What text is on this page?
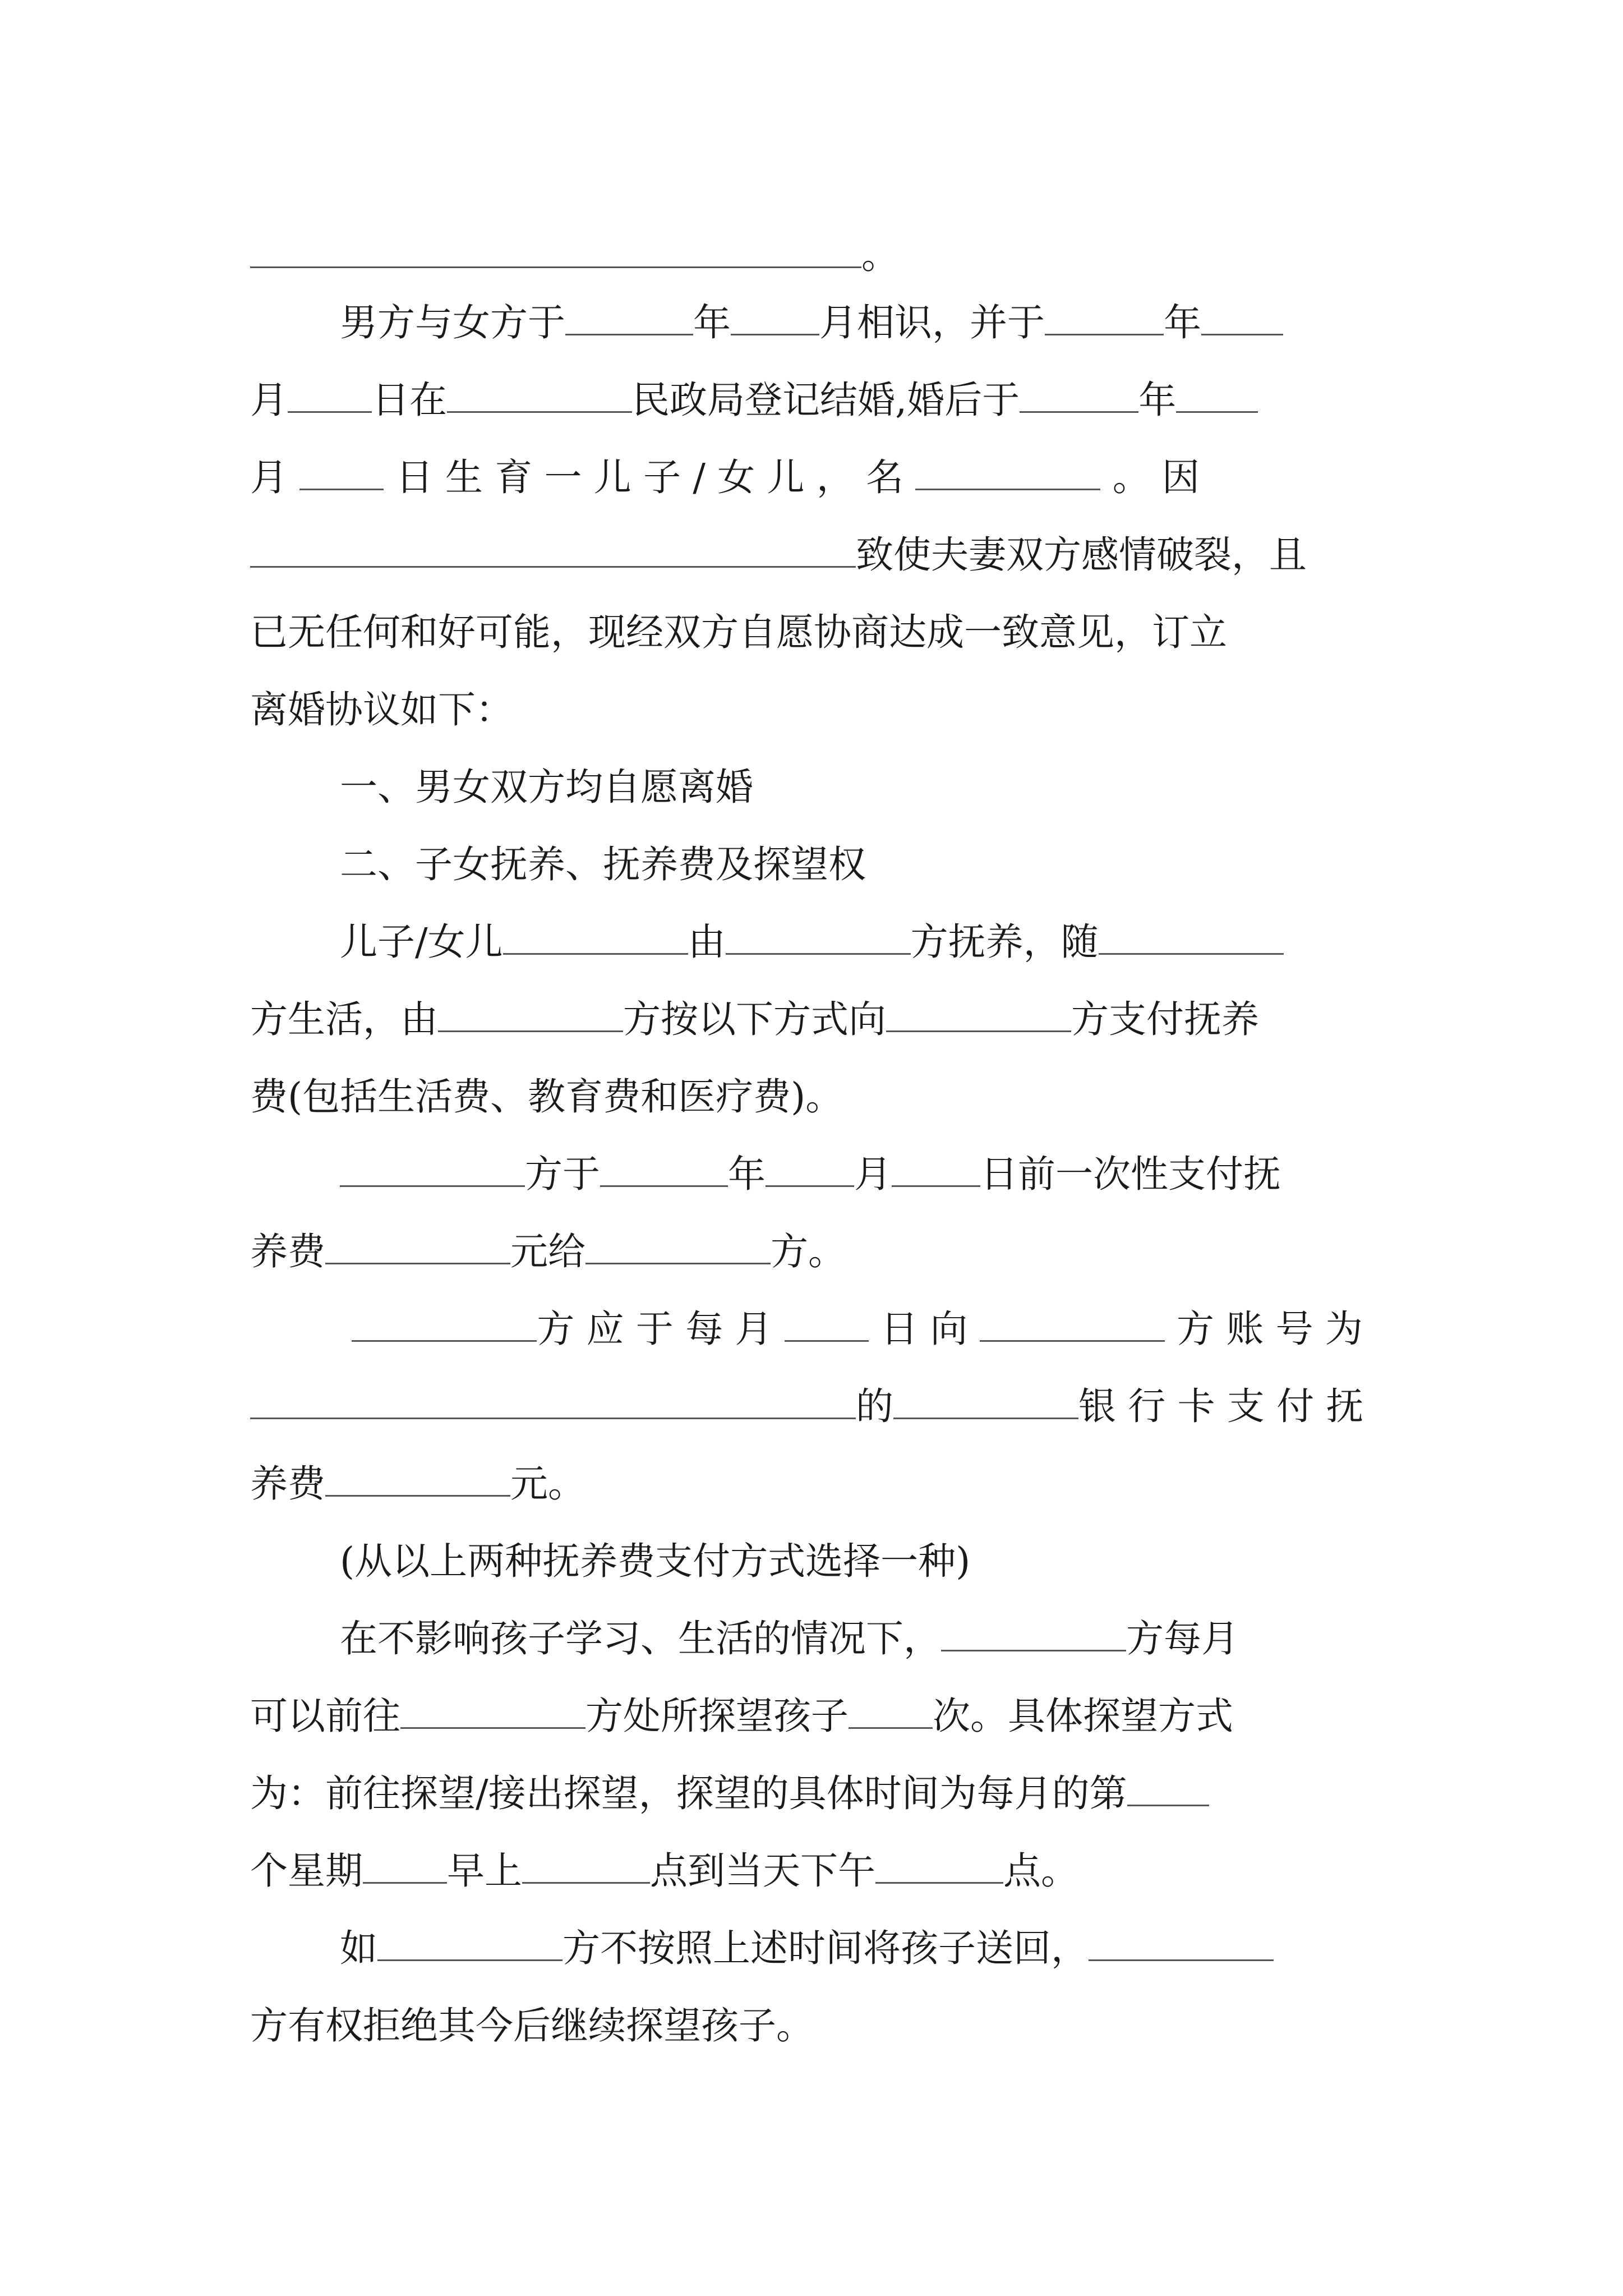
。
男方与女方于	年 月相识，并于	年
月 日在	民政局登记结婚,婚后于	年
月  日 生 育 一 儿 子 / 女 儿 ， 名	。 因
致使夫妻双方感情破裂，且
已无任何和好可能，现经双方自愿协商达成一致意见，订立
离婚协议如下：
一、男女双方均自愿离婚
二、子女抚养、抚养费及探望权
儿子/女儿	由	方抚养，随
方生活，由	方按以下方式向	方支付抚养
费(包括生活费、教育费和医疗费)。
方于	年 月 日前一次性支付抚
养费	元给	方。
方 应 于 每 月  日 向	方 账 号 为
的	银 行 卡 支 付 抚
养费	元。
(从以上两种抚养费支付方式选择一种)
在不影响孩子学习、生活的情况下，	方每月
可以前往	方处所探望孩子 次。具体探望方式
为：前往探望/接出探望，探望的具体时间为每月的第
个星期 早上	点到当天下午	点。
如	方不按照上述时间将孩子送回，
方有权拒绝其今后继续探望孩子。
